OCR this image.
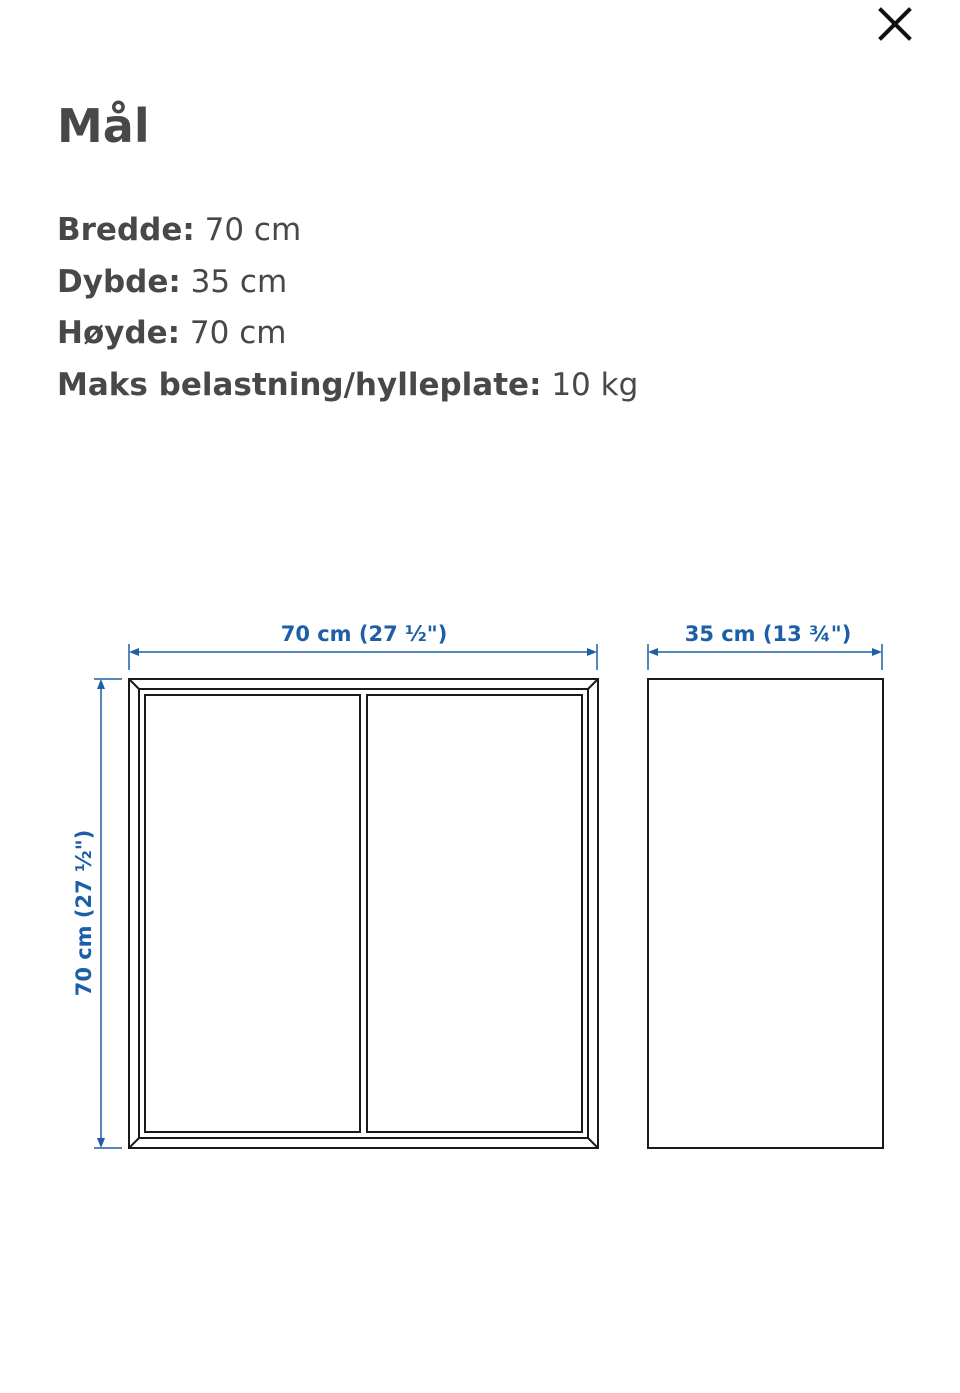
Mål
Bredde: 70 cm
Dybde: 35 cm
Høyde: 70 cm
Maks belastning/hylleplate: 10 kg
70 cm (27 ½")	35 cm (13 ¾")
70 cm (27 ½")
